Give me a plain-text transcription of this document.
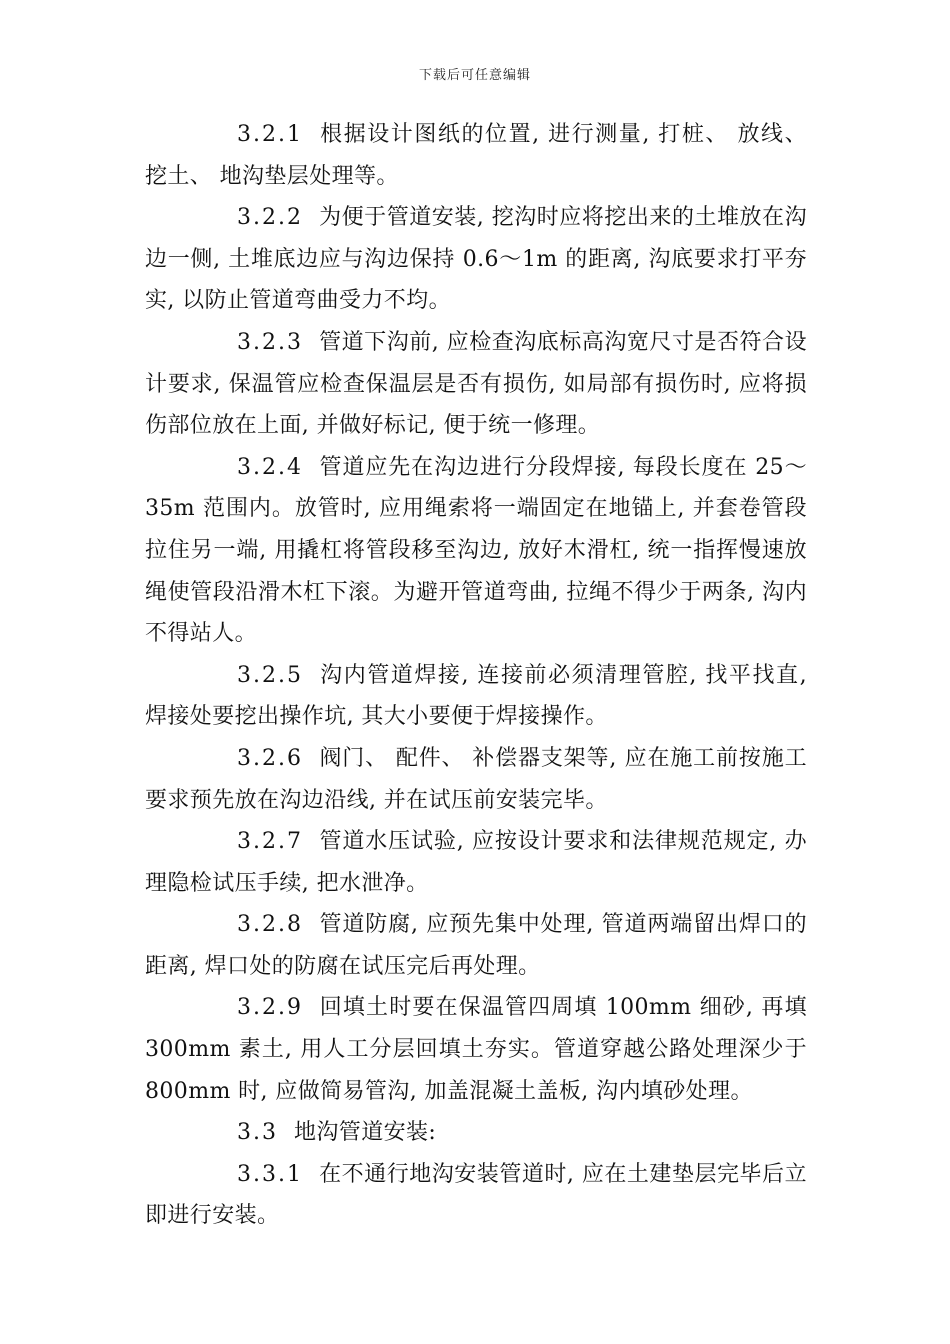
下载后可任意编辑

3.2.1 根据设计图纸的位置, 进行测量, 打桩、 放线、 挖土、 地沟垫层处理等。

3.2.2 为便于管道安装, 挖沟时应将挖出来的土堆放在沟边一侧, 土堆底边应与沟边保持 0.6～1m 的距离, 沟底要求打平夯实, 以防止管道弯曲受力不均。

3.2.3 管道下沟前, 应检查沟底标高沟宽尺寸是否符合设计要求, 保温管应检查保温层是否有损伤, 如局部有损伤时, 应将损伤部位放在上面, 并做好标记, 便于统一修理。

3.2.4 管道应先在沟边进行分段焊接, 每段长度在 25～35m 范围内。放管时, 应用绳索将一端固定在地锚上, 并套卷管段拉住另一端, 用撬杠将管段移至沟边, 放好木滑杠, 统一指挥慢速放绳使管段沿滑木杠下滚。为避开管道弯曲, 拉绳不得少于两条, 沟内不得站人。

3.2.5 沟内管道焊接, 连接前必须清理管腔, 找平找直, 焊接处要挖出操作坑, 其大小要便于焊接操作。

3.2.6 阀门、 配件、 补偿器支架等, 应在施工前按施工要求预先放在沟边沿线, 并在试压前安装完毕。

3.2.7 管道水压试验, 应按设计要求和法律规范规定, 办理隐检试压手续, 把水泄净。

3.2.8 管道防腐, 应预先集中处理, 管道两端留出焊口的距离, 焊口处的防腐在试压完后再处理。

3.2.9 回填土时要在保温管四周填 100mm 细砂, 再填 300mm 素土, 用人工分层回填土夯实。管道穿越公路处理深少于 800mm 时, 应做简易管沟, 加盖混凝土盖板, 沟内填砂处理。

3.3 地沟管道安装:

3.3.1 在不通行地沟安装管道时, 应在土建垫层完毕后立即进行安装。
